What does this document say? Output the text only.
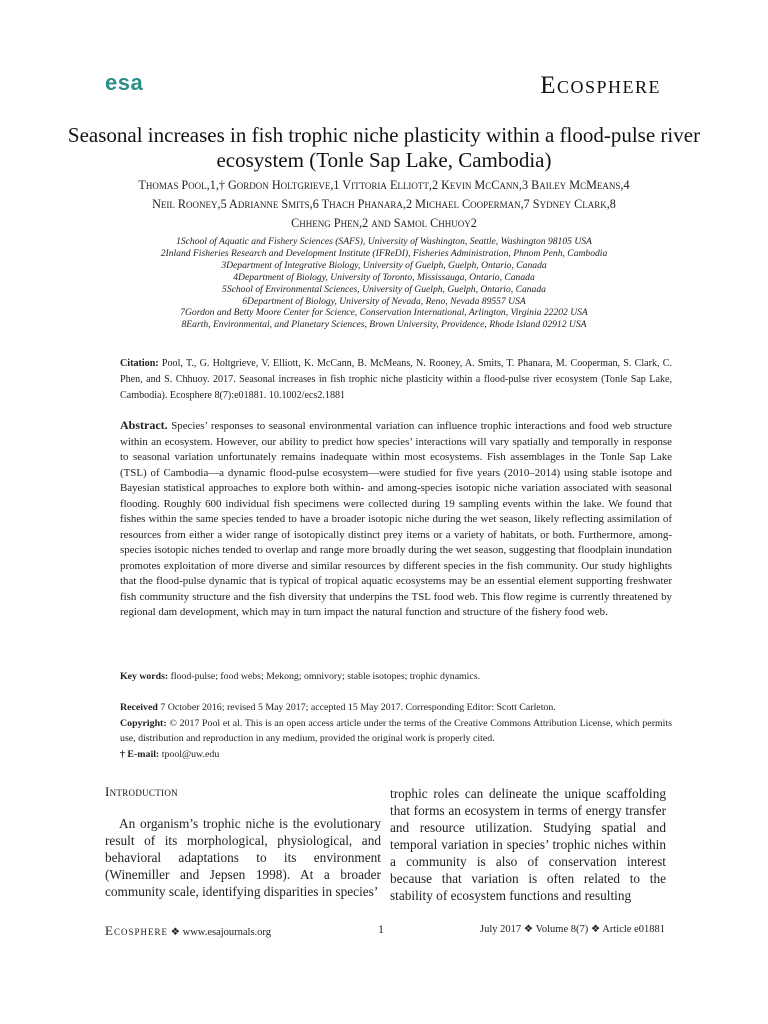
esa	Ecosphere
Seasonal increases in fish trophic niche plasticity within a flood-pulse river ecosystem (Tonle Sap Lake, Cambodia)
Thomas Pool,1,† Gordon Holtgrieve,1 Vittoria Elliott,2 Kevin McCann,3 Bailey McMeans,4
Neil Rooney,5 Adrianne Smits,6 Thach Phanara,2 Michael Cooperman,7 Sydney Clark,8
Chheng Phen,2 and Samol Chhuoy2
1School of Aquatic and Fishery Sciences (SAFS), University of Washington, Seattle, Washington 98105 USA
2Inland Fisheries Research and Development Institute (IFReDI), Fisheries Administration, Phnom Penh, Cambodia
3Department of Integrative Biology, University of Guelph, Guelph, Ontario, Canada
4Department of Biology, University of Toronto, Mississauga, Ontario, Canada
5School of Environmental Sciences, University of Guelph, Guelph, Ontario, Canada
6Department of Biology, University of Nevada, Reno, Nevada 89557 USA
7Gordon and Betty Moore Center for Science, Conservation International, Arlington, Virginia 22202 USA
8Earth, Environmental, and Planetary Sciences, Brown University, Providence, Rhode Island 02912 USA
Citation: Pool, T., G. Holtgrieve, V. Elliott, K. McCann, B. McMeans, N. Rooney, A. Smits, T. Phanara, M. Cooperman, S. Clark, C. Phen, and S. Chhuoy. 2017. Seasonal increases in fish trophic niche plasticity within a flood-pulse river ecosystem (Tonle Sap Lake, Cambodia). Ecosphere 8(7):e01881. 10.1002/ecs2.1881
Abstract. Species’ responses to seasonal environmental variation can influence trophic interactions and food web structure within an ecosystem. However, our ability to predict how species’ interactions will vary spatially and temporally in response to seasonal variation unfortunately remains inadequate within most ecosystems. Fish assemblages in the Tonle Sap Lake (TSL) of Cambodia—a dynamic flood-pulse ecosystem—were studied for five years (2010–2014) using stable isotope and Bayesian statistical approaches to explore both within- and among-species isotopic niche variation associated with seasonal flooding. Roughly 600 individual fish specimens were collected during 19 sampling events within the lake. We found that fishes within the same species tended to have a broader isotopic niche during the wet season, likely reflecting assimilation of resources from either a wider range of isotopically distinct prey items or a variety of habitats, or both. Furthermore, among-species isotopic niches tended to overlap and range more broadly during the wet season, suggesting that floodplain inundation promotes exploitation of more diverse and similar resources by different species in the fish community. Our study highlights that the flood-pulse dynamic that is typical of tropical aquatic ecosystems may be an essential element supporting freshwater fish community structure and the fish diversity that underpins the TSL food web. This flow regime is currently threatened by regional dam development, which may in turn impact the natural function and structure of the fishery food web.
Key words: flood-pulse; food webs; Mekong; omnivory; stable isotopes; trophic dynamics.
Received 7 October 2016; revised 5 May 2017; accepted 15 May 2017. Corresponding Editor: Scott Carleton.
Copyright: © 2017 Pool et al. This is an open access article under the terms of the Creative Commons Attribution License, which permits use, distribution and reproduction in any medium, provided the original work is properly cited.
† E-mail: tpool@uw.edu
Introduction
An organism’s trophic niche is the evolutionary result of its morphological, physiological, and behavioral adaptations to its environment (Winemiller and Jepsen 1998). At a broader community scale, identifying disparities in species’
trophic roles can delineate the unique scaffolding that forms an ecosystem in terms of energy transfer and resource utilization. Studying spatial and temporal variation in species’ trophic niches within a community is also of conservation interest because that variation is often related to the stability of ecosystem functions and resulting
Ecosphere ❖ www.esajournals.org	1	July 2017 ❖ Volume 8(7) ❖ Article e01881
